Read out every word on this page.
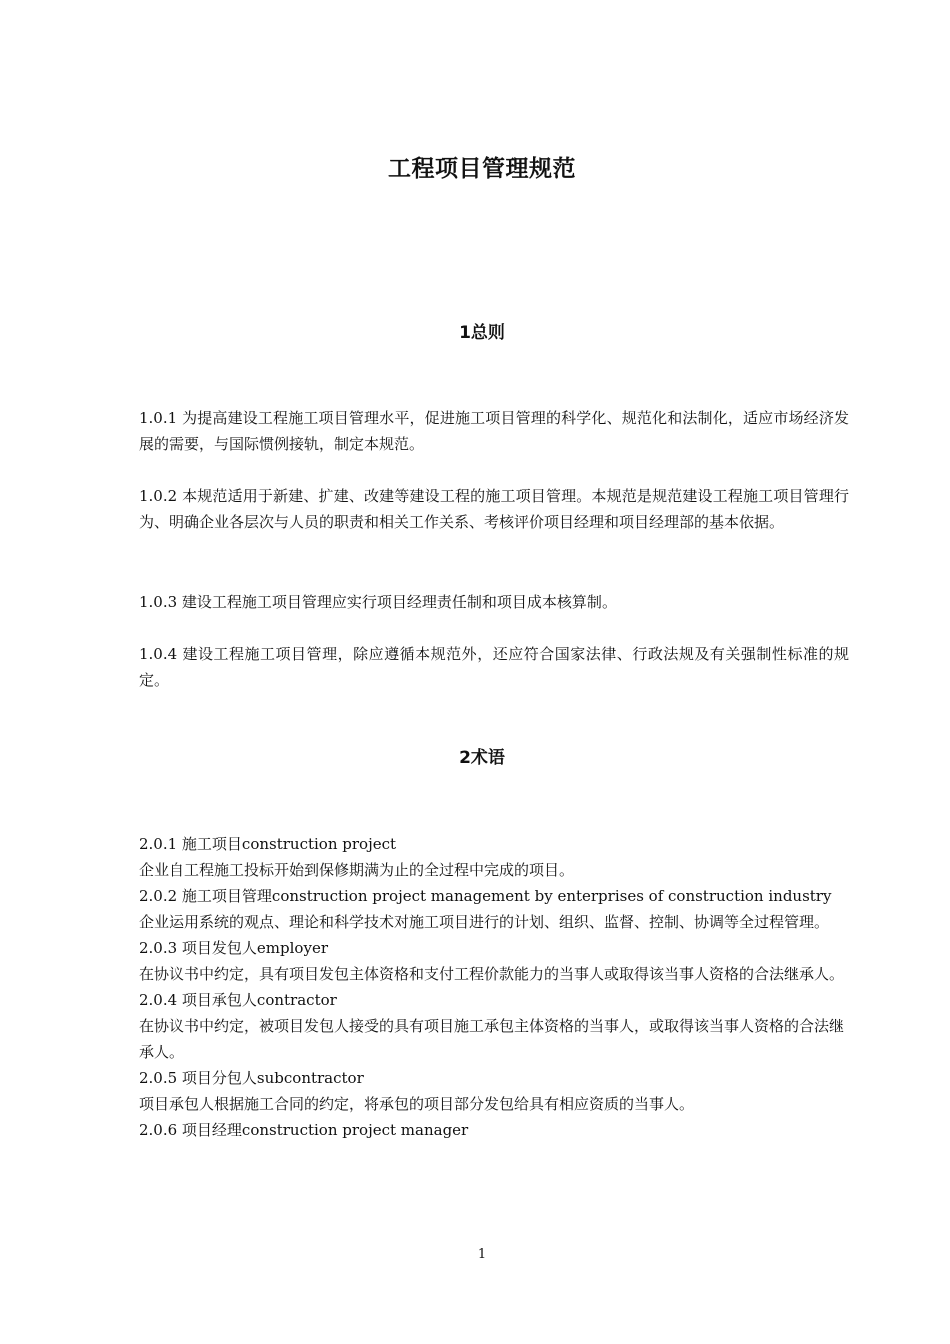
工程项目管理规范
1总则

1.0.1 为提高建设工程施工项目管理水平，促进施工项目管理的科学化、规范化和法制化，适应市场经济发展的需要，与国际惯例接轨，制定本规范。

1.0.2 本规范适用于新建、扩建、改建等建设工程的施工项目管理。本规范是规范建设工程施工项目管理行为、明确企业各层次与人员的职责和相关工作关系、考核评价项目经理和项目经理部的基本依据。

1.0.3 建设工程施工项目管理应实行项目经理责任制和项目成本核算制。

1.0.4 建设工程施工项目管理，除应遵循本规范外，还应符合国家法律、行政法规及有关强制性标准的规定。

2术语

2.0.1 施工项目construction project

企业自工程施工投标开始到保修期满为止的全过程中完成的项目。

2.0.2 施工项目管理construction project management by enterprises of construction industry

企业运用系统的观点、理论和科学技术对施工项目进行的计划、组织、监督、控制、协调等全过程管理。

2.0.3 项目发包人employer

在协议书中约定，具有项目发包主体资格和支付工程价款能力的当事人或取得该当事人资格的合法继承人。

2.0.4 项目承包人contractor

在协议书中约定，被项目发包人接受的具有项目施工承包主体资格的当事人，或取得该当事人资格的合法继承人。

2.0.5 项目分包人subcontractor

项目承包人根据施工合同的约定，将承包的项目部分发包给具有相应资质的当事人。

2.0.6 项目经理construction project manager

1
